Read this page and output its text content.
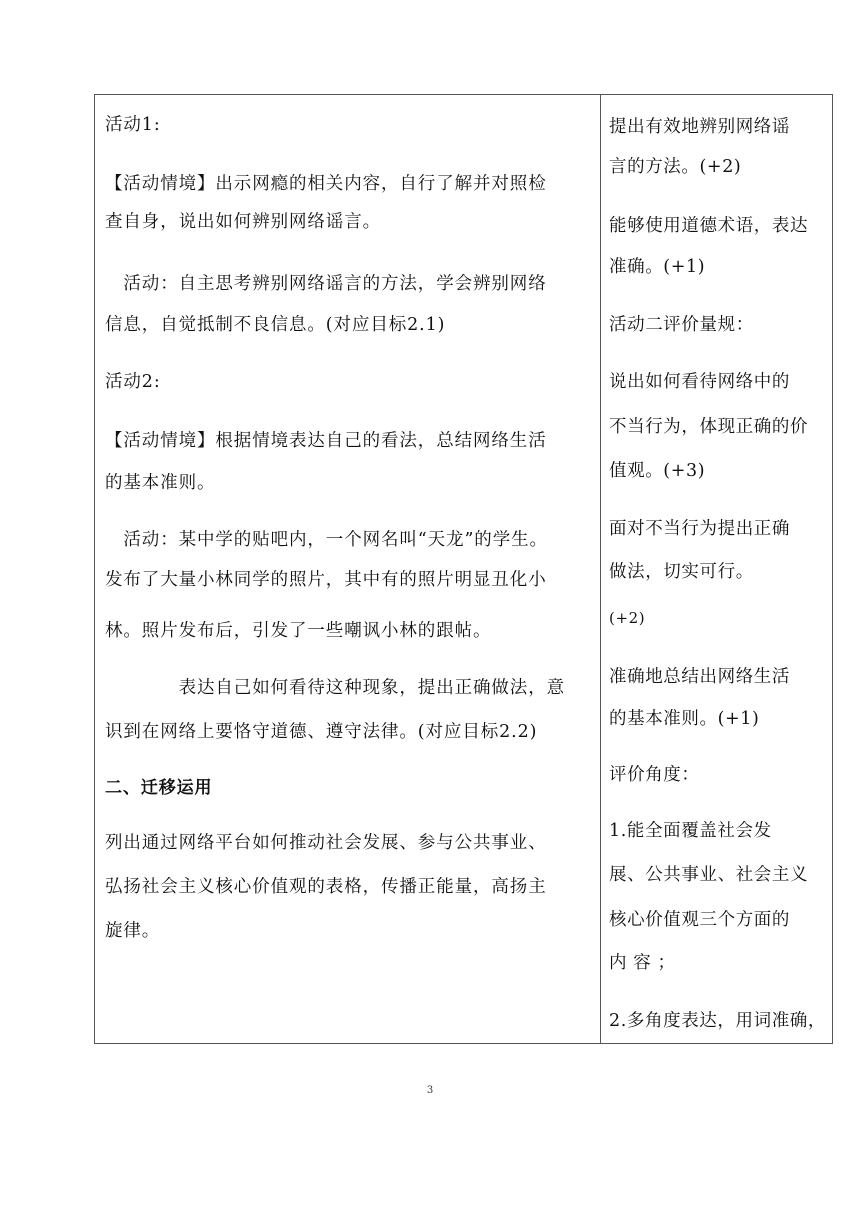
活动1:
【活动情境】出示网瘾的相关内容，自行了解并对照检
查自身，说出如何辨别网络谣言。
　活动：自主思考辨别网络谣言的方法，学会辨别网络
信息，自觉抵制不良信息。(对应目标2.1)
活动2:
【活动情境】根据情境表达自己的看法，总结网络生活
的基本准则。
　活动：某中学的贴吧内，一个网名叫“天龙”的学生。
发布了大量小林同学的照片，其中有的照片明显丑化小
林。照片发布后，引发了一些嘲讽小林的跟帖。
　　　　表达自己如何看待这种现象，提出正确做法，意
识到在网络上要恪守道德、遵守法律。(对应目标2.2)
二、迁移运用
列出通过网络平台如何推动社会发展、参与公共事业、
弘扬社会主义核心价值观的表格，传播正能量，高扬主
旋律。
提出有效地辨别网络谣
言的方法。(+2)
能够使用道德术语，表达
准确。(+1)
活动二评价量规：
说出如何看待网络中的
不当行为，体现正确的价
值观。(+3)
面对不当行为提出正确
做法，切实可行。
(+2)
准确地总结出网络生活
的基本准则。(+1)
评价角度：
1.能全面覆盖社会发
展、公共事业、社会主义
核心价值观三个方面的
内 容 ；
2.多角度表达，用词准确，
3
